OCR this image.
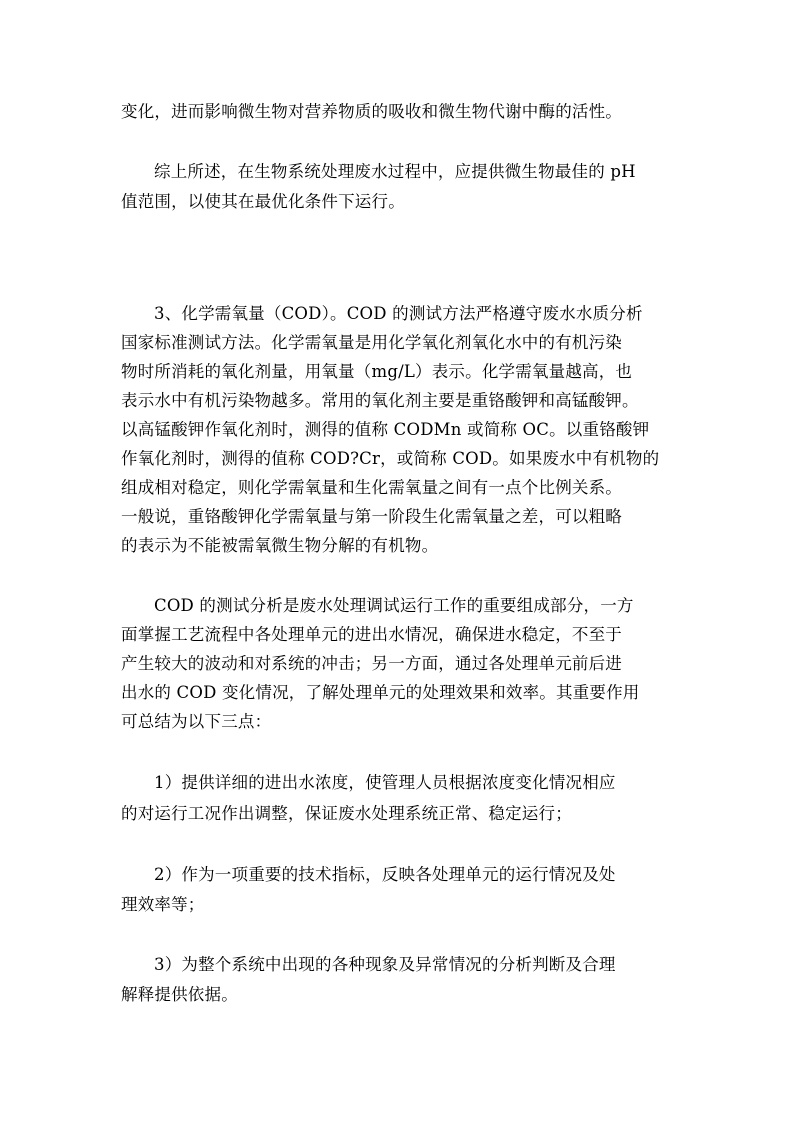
变化，进而影响微生物对营养物质的吸收和微生物代谢中酶的活性。

综上所述，在生物系统处理废水过程中，应提供微生物最佳的 pH

值范围，以使其在最优化条件下运行。

3、化学需氧量（COD）。COD 的测试方法严格遵守废水水质分析

国家标准测试方法。化学需氧量是用化学氧化剂氧化水中的有机污染

物时所消耗的氧化剂量，用氧量（mg/L）表示。化学需氧量越高，也

表示水中有机污染物越多。常用的氧化剂主要是重铬酸钾和高锰酸钾。

以高锰酸钾作氧化剂时，测得的值称 CODMn 或简称 OC。以重铬酸钾

作氧化剂时，测得的值称 COD?Cr，或简称 COD。如果废水中有机物的

组成相对稳定，则化学需氧量和生化需氧量之间有一点个比例关系。

一般说，重铬酸钾化学需氧量与第一阶段生化需氧量之差，可以粗略

的表示为不能被需氧微生物分解的有机物。

COD 的测试分析是废水处理调试运行工作的重要组成部分，一方

面掌握工艺流程中各处理单元的进出水情况，确保进水稳定，不至于

产生较大的波动和对系统的冲击；另一方面，通过各处理单元前后进

出水的 COD 变化情况，了解处理单元的处理效果和效率。其重要作用

可总结为以下三点：

1）提供详细的进出水浓度，使管理人员根据浓度变化情况相应

的对运行工况作出调整，保证废水处理系统正常、稳定运行；

2）作为一项重要的技术指标，反映各处理单元的运行情况及处

理效率等；

3）为整个系统中出现的各种现象及异常情况的分析判断及合理

解释提供依据。
